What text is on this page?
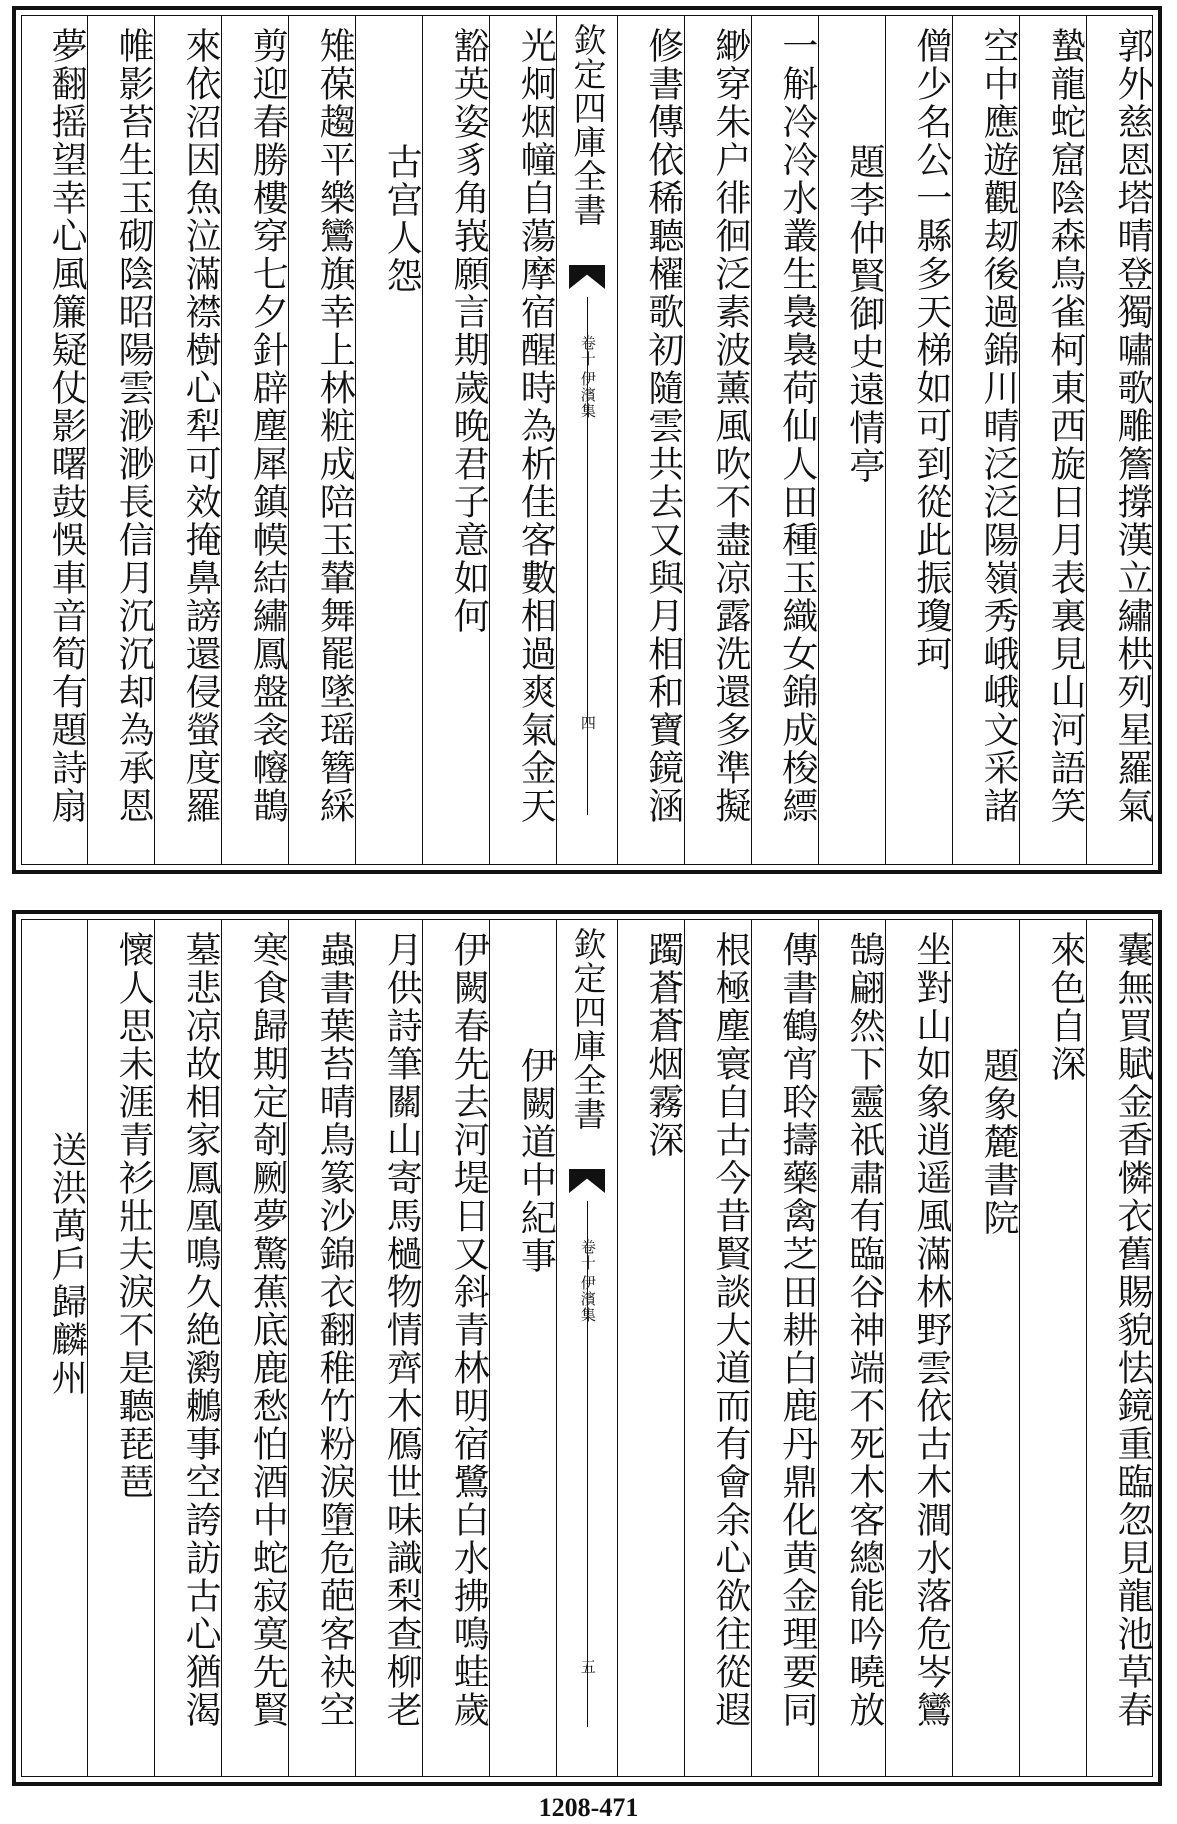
郭外慈恩塔晴登獨嘯歌雕簷撐漢立繡栱列星羅氣
蟄龍蛇窟陰森鳥雀柯東西旋日月表裏見山河語笑
空中應遊觀刼後過錦川晴泛泛陽嶺秀峨峨文采諸
僧少名公一縣多天梯如可到從此振瓊珂
題李仲賢御史遠情亭
一斛冷冷水叢生裊裊荷仙人田種玉織女錦成梭縹
緲穿朱户徘徊泛素波薰風吹不盡凉露洗還多準擬
修書傳依稀聽櫂歌初隨雲共去又與月相和寶鏡涵
欽定四庫全書
伊濱集
卷十
四
光炯烟幢自蕩摩宿醒時為析佳客數相過爽氣金天
豁英姿豸角峩願言期歲晚君子意如何
古宫人怨
雉葆趨平樂鸞旗幸上林粧成陪玉輦舞罷墜瑶簪綵
剪迎春勝樓穿七夕針辟塵犀鎮幙結繡鳳盤衾㡧鵲
來依沼因魚泣滿襟樹心犁可效掩鼻謗還侵螢度羅
帷影苔生玉砌陰昭陽雲渺渺長信月沉沉却為承恩
夢翻摇望幸心風簾疑仗影曙鼓悞車音筍有題詩扇
囊無買賦金香憐衣舊賜貌怯鏡重臨忽見龍池草春
來色自深
題象麓書院
坐對山如象逍遥風滿林野雲依古木澗水落危岑鸞
鵠翩然下靈祇肅有臨谷神端不死木客總能吟曉放
傳書鶴宵聆擣藥禽芝田耕白鹿丹鼎化黄金理要同
根極塵寰自古今昔賢談大道而有會余心欲往從遐
躅蒼蒼烟霧深
欽定四庫全書
伊濱集
卷十
五
伊闕道中紀事
伊闕春先去河堤日又斜青林明宿鷺白水拂鳴蛙歲
月供詩筆關山寄馬檛物情齊木鴈世味識梨查柳老
蟲書葉苔晴鳥篆沙錦衣翻稚竹粉淚墮危葩客袂空
寒食歸期定剞劂夢驚蕉底鹿愁怕酒中蛇寂寞先賢
墓悲凉故相家鳳凰鳴久絶㶉鶒事空誇訪古心猶渴
懷人思未涯青衫壯夫淚不是聽琵琶
送洪萬戶歸麟州
1208-471
